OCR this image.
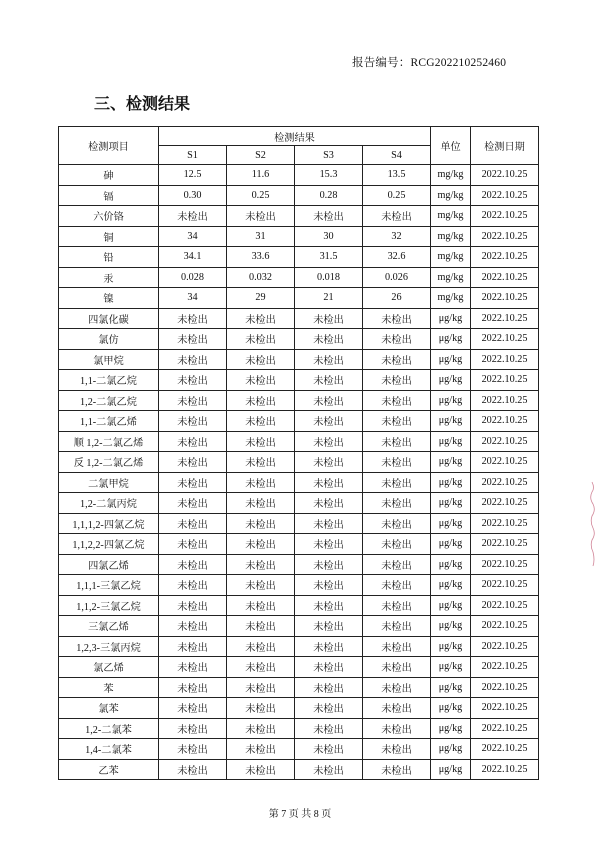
报告编号：RCG202210252460
三、检测结果
检测项目	检测结果				单位	检测日期
	S1	S2	S3	S4		
砷	12.5	11.6	15.3	13.5	mg/kg	2022.10.25
镉	0.30	0.25	0.28	0.25	mg/kg	2022.10.25
六价铬	未检出	未检出	未检出	未检出	mg/kg	2022.10.25
铜	34	31	30	32	mg/kg	2022.10.25
铅	34.1	33.6	31.5	32.6	mg/kg	2022.10.25
汞	0.028	0.032	0.018	0.026	mg/kg	2022.10.25
镍	34	29	21	26	mg/kg	2022.10.25
四氯化碳	未检出	未检出	未检出	未检出	μg/kg	2022.10.25
氯仿	未检出	未检出	未检出	未检出	μg/kg	2022.10.25
氯甲烷	未检出	未检出	未检出	未检出	μg/kg	2022.10.25
1,1-二氯乙烷	未检出	未检出	未检出	未检出	μg/kg	2022.10.25
1,2-二氯乙烷	未检出	未检出	未检出	未检出	μg/kg	2022.10.25
1,1-二氯乙烯	未检出	未检出	未检出	未检出	μg/kg	2022.10.25
顺 1,2-二氯乙烯	未检出	未检出	未检出	未检出	μg/kg	2022.10.25
反 1,2-二氯乙烯	未检出	未检出	未检出	未检出	μg/kg	2022.10.25
二氯甲烷	未检出	未检出	未检出	未检出	μg/kg	2022.10.25
1,2-二氯丙烷	未检出	未检出	未检出	未检出	μg/kg	2022.10.25
1,1,1,2-四氯乙烷	未检出	未检出	未检出	未检出	μg/kg	2022.10.25
1,1,2,2-四氯乙烷	未检出	未检出	未检出	未检出	μg/kg	2022.10.25
四氯乙烯	未检出	未检出	未检出	未检出	μg/kg	2022.10.25
1,1,1-三氯乙烷	未检出	未检出	未检出	未检出	μg/kg	2022.10.25
1,1,2-三氯乙烷	未检出	未检出	未检出	未检出	μg/kg	2022.10.25
三氯乙烯	未检出	未检出	未检出	未检出	μg/kg	2022.10.25
1,2,3-三氯丙烷	未检出	未检出	未检出	未检出	μg/kg	2022.10.25
氯乙烯	未检出	未检出	未检出	未检出	μg/kg	2022.10.25
苯	未检出	未检出	未检出	未检出	μg/kg	2022.10.25
氯苯	未检出	未检出	未检出	未检出	μg/kg	2022.10.25
1,2-二氯苯	未检出	未检出	未检出	未检出	μg/kg	2022.10.25
1,4-二氯苯	未检出	未检出	未检出	未检出	μg/kg	2022.10.25
乙苯	未检出	未检出	未检出	未检出	μg/kg	2022.10.25
第 7 页 共 8 页
